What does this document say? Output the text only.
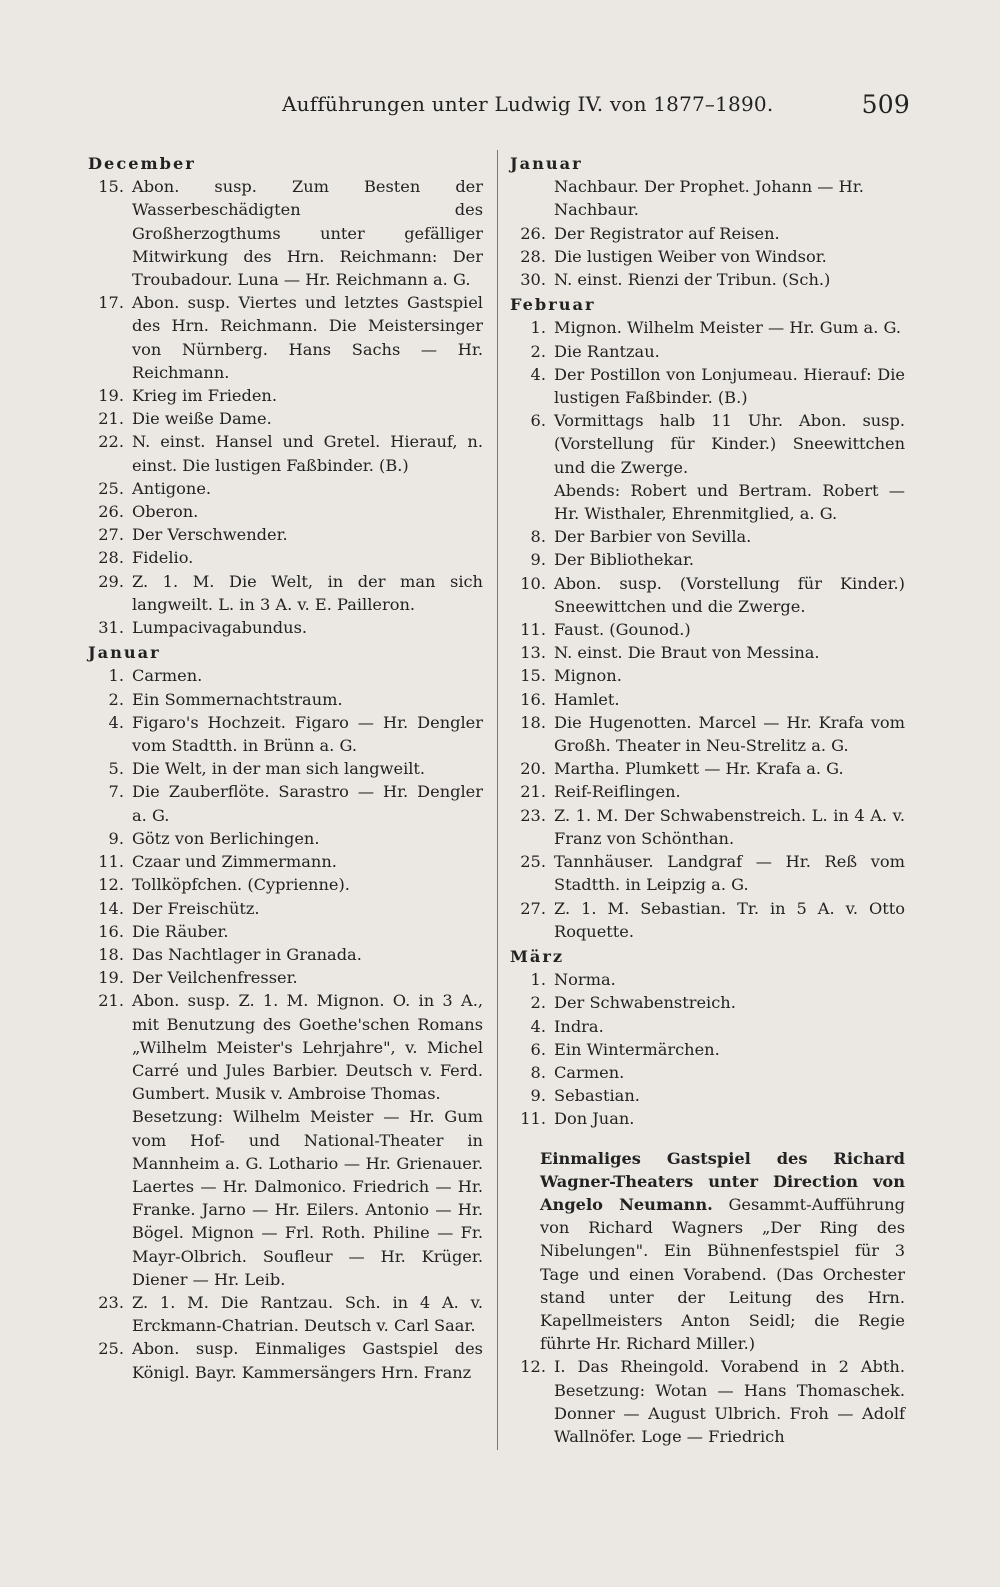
Aufführungen unter Ludwig IV. von 1877–1890.	509
December
15. Abon. susp. Zum Besten der Wasserbeschädigten des Großherzogthums unter gefälliger Mitwirkung des Hrn. Reichmann: Der Troubadour. Luna — Hr. Reichmann a. G.
17. Abon. susp. Viertes und letztes Gastspiel des Hrn. Reichmann. Die Meistersinger von Nürnberg. Hans Sachs — Hr. Reichmann.
19. Krieg im Frieden.
21. Die weiße Dame.
22. N. einst. Hansel und Gretel. Hierauf, n. einst. Die lustigen Faßbinder. (B.)
25. Antigone.
26. Oberon.
27. Der Verschwender.
28. Fidelio.
29. Z. 1. M. Die Welt, in der man sich langweilt. L. in 3 A. v. E. Pailleron.
31. Lumpacivagabundus.
Januar
1. Carmen.
2. Ein Sommernachtstraum.
4. Figaro's Hochzeit. Figaro — Hr. Dengler vom Stadtth. in Brünn a. G.
5. Die Welt, in der man sich langweilt.
7. Die Zauberflöte. Sarastro — Hr. Dengler a. G.
9. Götz von Berlichingen.
11. Czaar und Zimmermann.
12. Tollköpfchen. (Cyprienne).
14. Der Freischütz.
16. Die Räuber.
18. Das Nachtlager in Granada.
19. Der Veilchenfresser.
21. Abon. susp. Z. 1. M. Mignon. O. in 3 A., mit Benutzung des Goethe'schen Romans „Wilhelm Meister's Lehrjahre", v. Michel Carré und Jules Barbier. Deutsch v. Ferd. Gumbert. Musik v. Ambroise Thomas.
Besetzung: Wilhelm Meister — Hr. Gum vom Hof- und National-Theater in Mannheim a. G. Lothario — Hr. Grienauer. Laertes — Hr. Dalmonico. Friedrich — Hr. Franke. Jarno — Hr. Eilers. Antonio — Hr. Bögel. Mignon — Frl. Roth. Philine — Fr. Mayr-Olbrich. Soufleur — Hr. Krüger. Diener — Hr. Leib.
23. Z. 1. M. Die Rantzau. Sch. in 4 A. v. Erckmann-Chatrian. Deutsch v. Carl Saar.
25. Abon. susp. Einmaliges Gastspiel des Königl. Bayr. Kammersängers Hrn. Franz
Januar
Nachbaur. Der Prophet. Johann — Hr. Nachbaur.
26. Der Registrator auf Reisen.
28. Die lustigen Weiber von Windsor.
30. N. einst. Rienzi der Tribun. (Sch.)
Februar
1. Mignon. Wilhelm Meister — Hr. Gum a. G.
2. Die Rantzau.
4. Der Postillon von Lonjumeau. Hierauf: Die lustigen Faßbinder. (B.)
6. Vormittags halb 11 Uhr. Abon. susp. (Vorstellung für Kinder.) Sneewittchen und die Zwerge.
Abends: Robert und Bertram. Robert — Hr. Wisthaler, Ehrenmitglied, a. G.
8. Der Barbier von Sevilla.
9. Der Bibliothekar.
10. Abon. susp. (Vorstellung für Kinder.) Sneewittchen und die Zwerge.
11. Faust. (Gounod.)
13. N. einst. Die Braut von Messina.
15. Mignon.
16. Hamlet.
18. Die Hugenotten. Marcel — Hr. Krafa vom Großh. Theater in Neu-Strelitz a. G.
20. Martha. Plumkett — Hr. Krafa a. G.
21. Reif-Reiflingen.
23. Z. 1. M. Der Schwabenstreich. L. in 4 A. v. Franz von Schönthan.
25. Tannhäuser. Landgraf — Hr. Reß vom Stadtth. in Leipzig a. G.
27. Z. 1. M. Sebastian. Tr. in 5 A. v. Otto Roquette.
März
1. Norma.
2. Der Schwabenstreich.
4. Indra.
6. Ein Wintermärchen.
8. Carmen.
9. Sebastian.
11. Don Juan.
Einmaliges Gastspiel des Richard Wagner-Theaters unter Direction von Angelo Neumann. Gesammt-Aufführung von Richard Wagners „Der Ring des Nibelungen". Ein Bühnenfestspiel für 3 Tage und einen Vorabend. (Das Orchester stand unter der Leitung des Hrn. Kapellmeisters Anton Seidl; die Regie führte Hr. Richard Miller.)
12. I. Das Rheingold. Vorabend in 2 Abth. Besetzung: Wotan — Hans Thomaschek. Donner — August Ulbrich. Froh — Adolf Wallnöfer. Loge — Friedrich
